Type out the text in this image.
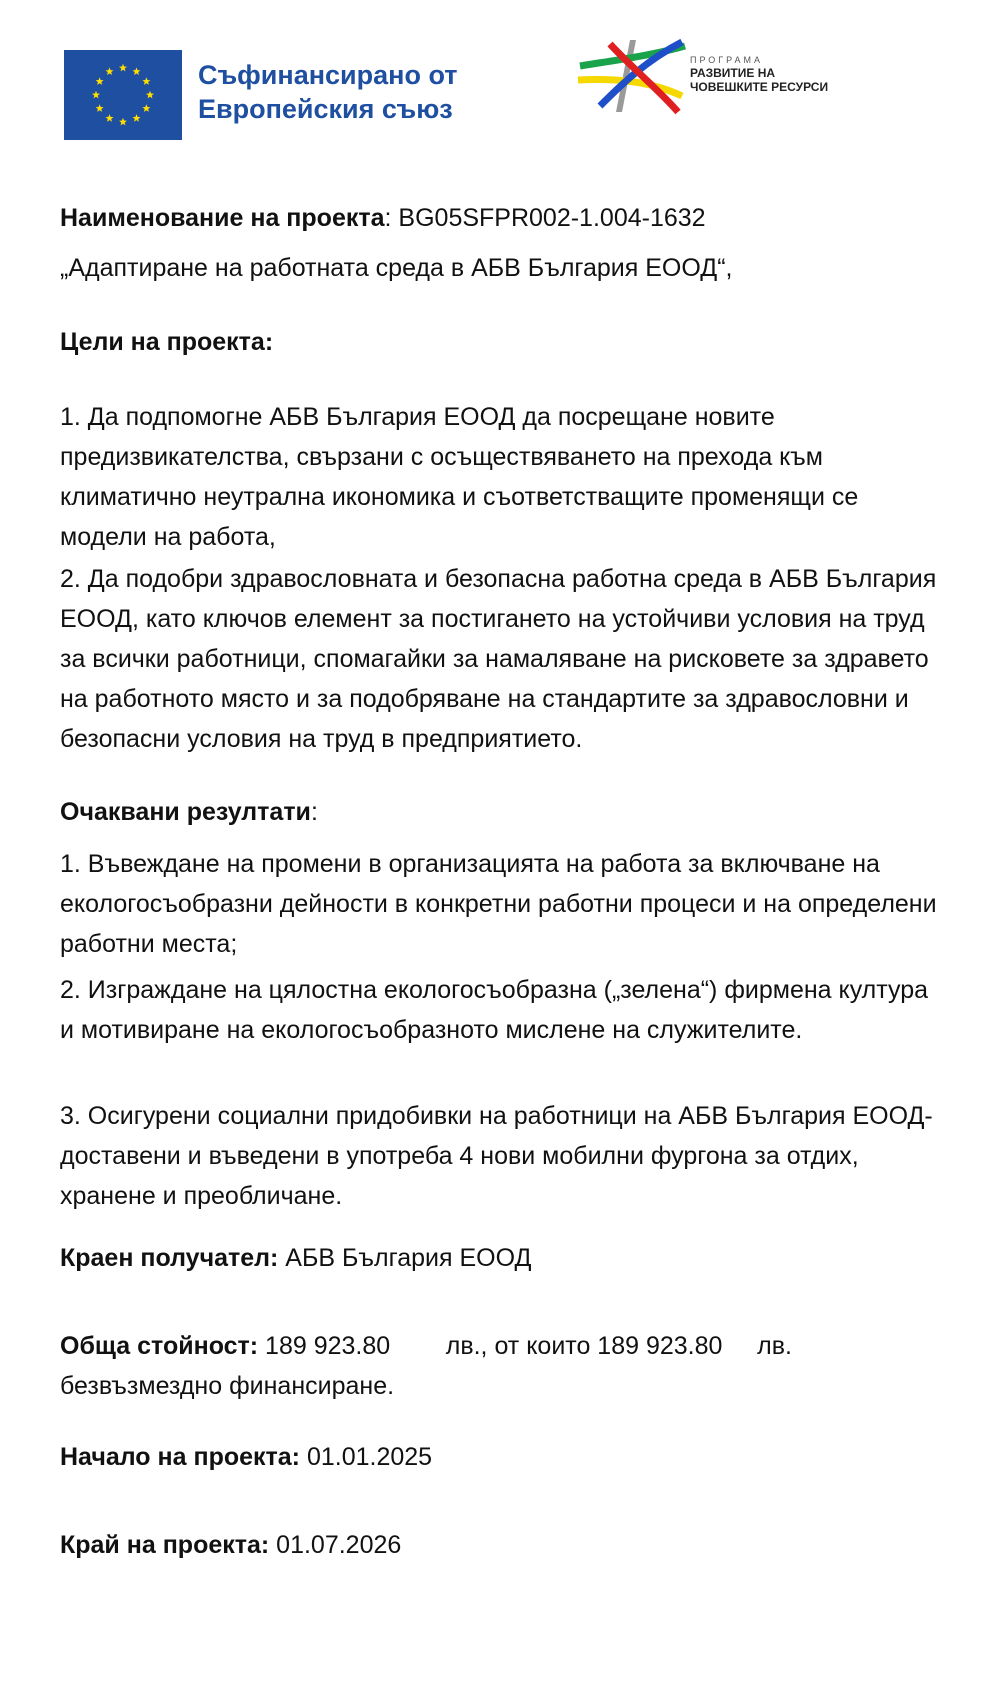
Съфинансирано от
Европейския съюз
ПРОГРАМА
РАЗВИТИЕ НА
ЧОВЕШКИТЕ РЕСУРСИ

Наименование на проекта: BG05SFPR002-1.004-1632

„Адаптиране на работната среда в АБВ България ЕООД“,

Цели на проекта:

1. Да подпомогне АБВ България ЕООД да посрещане новите предизвикателства, свързани с осъществяването на прехода към климатично неутрална икономика и съответстващите променящи се модели на работа,

2. Да подобри здравословната и безопасна работна среда в АБВ България ЕООД, като ключов елемент за постигането на устойчиви условия на труд за всички работници, спомагайки за намаляване на рисковете за здравето на работното място и за подобряване на стандартите за здравословни и безопасни условия на труд в предприятието.

Очаквани резултати:

1. Въвеждане на промени в организацията на работа за включване на екологосъобразни дейности в конкретни работни процеси и на определени работни места;

2. Изграждане на цялостна екологосъобразна („зелена“) фирмена култура и мотивиране на екологосъобразното мислене на служителите.

3. Осигурени социални придобивки на работници на АБВ България ЕООД- доставени и въведени в употреба 4 нови мобилни фургона за отдих, хранене и преобличане.

Краен получател: АБВ България ЕООД

Обща стойност: 189 923.80        лв., от които 189 923.80     лв. безвъзмездно финансиране.

Начало на проекта: 01.01.2025

Край на проекта: 01.07.2026
